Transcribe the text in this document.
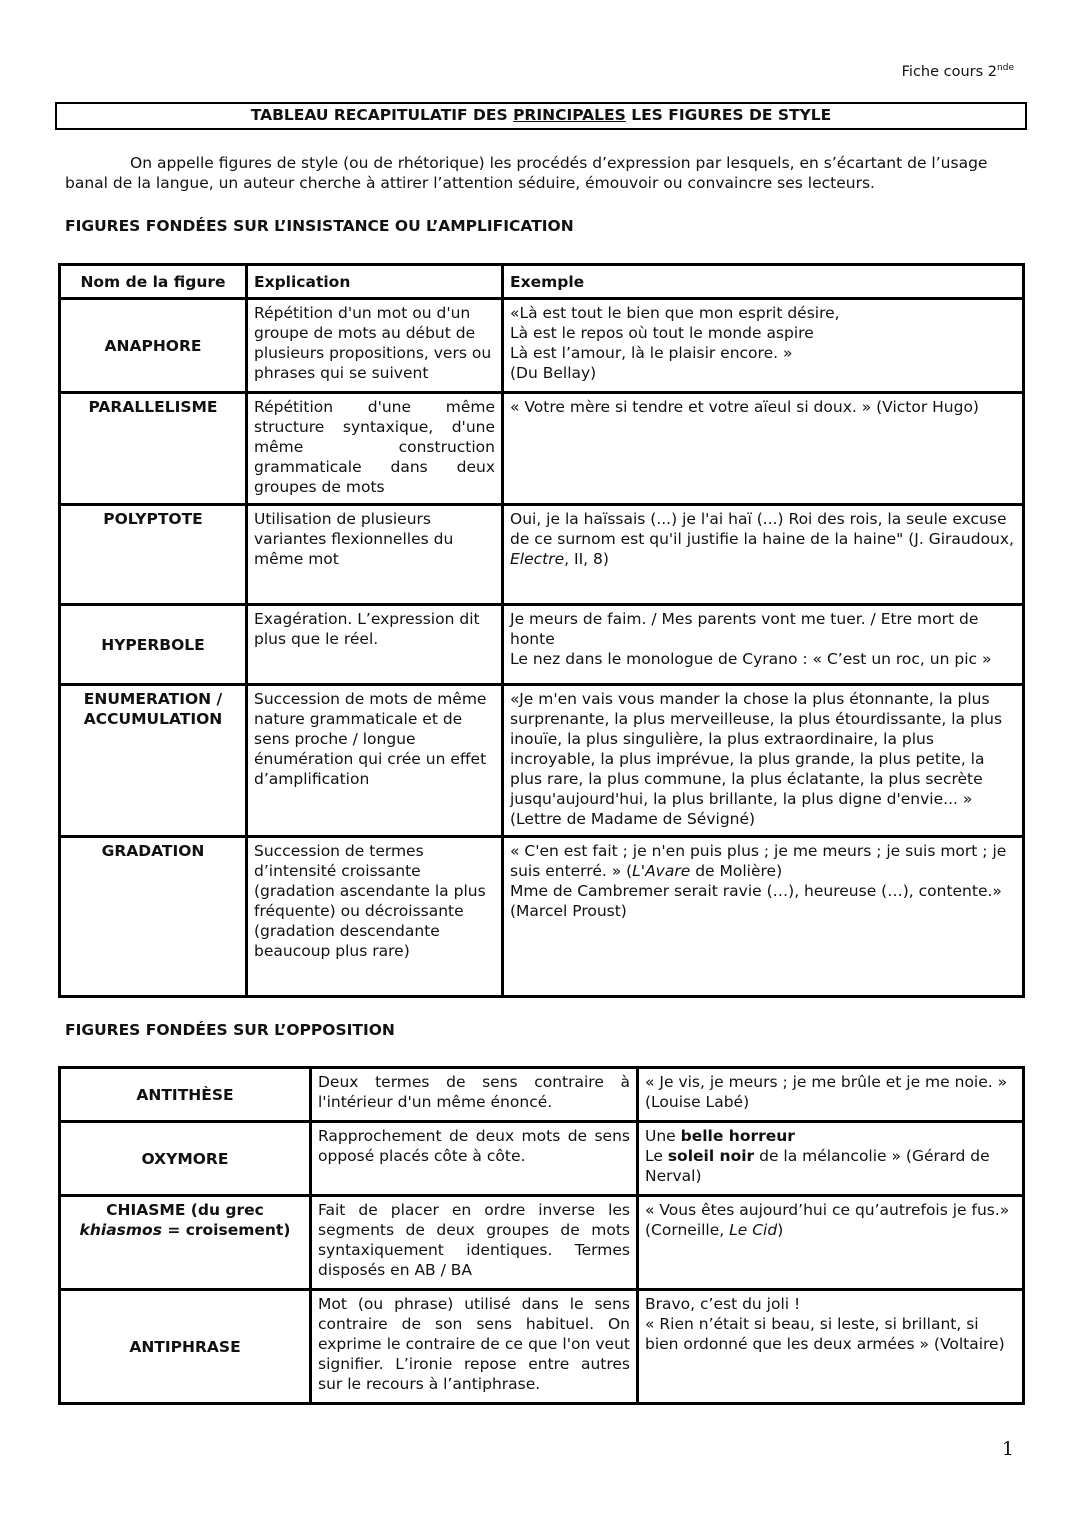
Fiche cours 2nde
TABLEAU RECAPITULATIF DES PRINCIPALES LES FIGURES DE STYLE
On appelle figures de style (ou de rhétorique) les procédés d’expression par lesquels, en s’écartant de l’usage
banal de la langue, un auteur cherche à attirer l’attention séduire, émouvoir ou convaincre ses lecteurs.
FIGURES FONDÉES SUR L’INSISTANCE OU L’AMPLIFICATION
Nom de la figure	Explication	Exemple
ANAPHORE	Répétition d'un mot ou d'un groupe de mots au début de plusieurs propositions, vers ou phrases qui se suivent	«Là est tout le bien que mon esprit désire,
Là est le repos où tout le monde aspire
Là est l’amour, là le plaisir encore. »
(Du Bellay)

PARALLELISME	Répétition d'une même structure syntaxique, d'une même construction grammaticale dans deux groupes de mots	« Votre mère si tendre et votre aïeul si doux. » (Victor Hugo)
POLYPTOTE	Utilisation de plusieurs variantes flexionnelles du même mot	Oui, je la haïssais (...) je l'ai haï (...) Roi des rois, la seule excuse de ce surnom est qu'il justifie la haine de la haine" (J. Giraudoux, Electre, II, 8)
HYPERBOLE	Exagération. L’expression dit plus que le réel.	Je meurs de faim. / Mes parents vont me tuer. / Etre mort de honte
Le nez dans le monologue de Cyrano : « C’est un roc, un pic »

ENUMERATION /
ACCUMULATION	Succession de mots de même nature grammaticale et de sens proche / longue énumération qui crée un effet d’amplification	«Je m'en vais vous mander la chose la plus étonnante, la plus surprenante, la plus merveilleuse, la plus étourdissante, la plus inouïe, la plus singulière, la plus extraordinaire, la plus incroyable, la plus imprévue, la plus grande, la plus petite, la plus rare, la plus commune, la plus éclatante, la plus secrète jusqu'aujourd'hui, la plus brillante, la plus digne d'envie... » (Lettre de Madame de Sévigné)
GRADATION	Succession de termes d’intensité croissante (gradation ascendante la plus fréquente) ou décroissante (gradation descendante beaucoup plus rare)	« C'en est fait ; je n'en puis plus ; je me meurs ; je suis mort ; je suis enterré. » (L'Avare de Molière)
Mme de Cambremer serait ravie (…), heureuse (…), contente.» (Marcel Proust)
FIGURES FONDÉES SUR L’OPPOSITION
ANTITHÈSE	Deux termes de sens contraire à l'intérieur d'un même énoncé.	« Je vis, je meurs ; je me brûle et je me noie. »
(Louise Labé)

OXYMORE	Rapprochement de deux mots de sens opposé placés côte à côte.	Une belle horreur
Le soleil noir de la mélancolie » (Gérard de Nerval)

CHIASME (du grec khiasmos = croisement)	Fait de placer en ordre inverse les segments de deux groupes de mots syntaxiquement identiques. Termes disposés en AB / BA	« Vous êtes aujourd’hui ce qu’autrefois je fus.»
(Corneille, Le Cid)

ANTIPHRASE	Mot (ou phrase) utilisé dans le sens contraire de son sens habituel. On exprime le contraire de ce que l'on veut signifier. L’ironie repose entre autres sur le recours à l’antiphrase.	Bravo, c’est du joli !
« Rien n’était si beau, si leste, si brillant, si bien ordonné que les deux armées » (Voltaire)
1
